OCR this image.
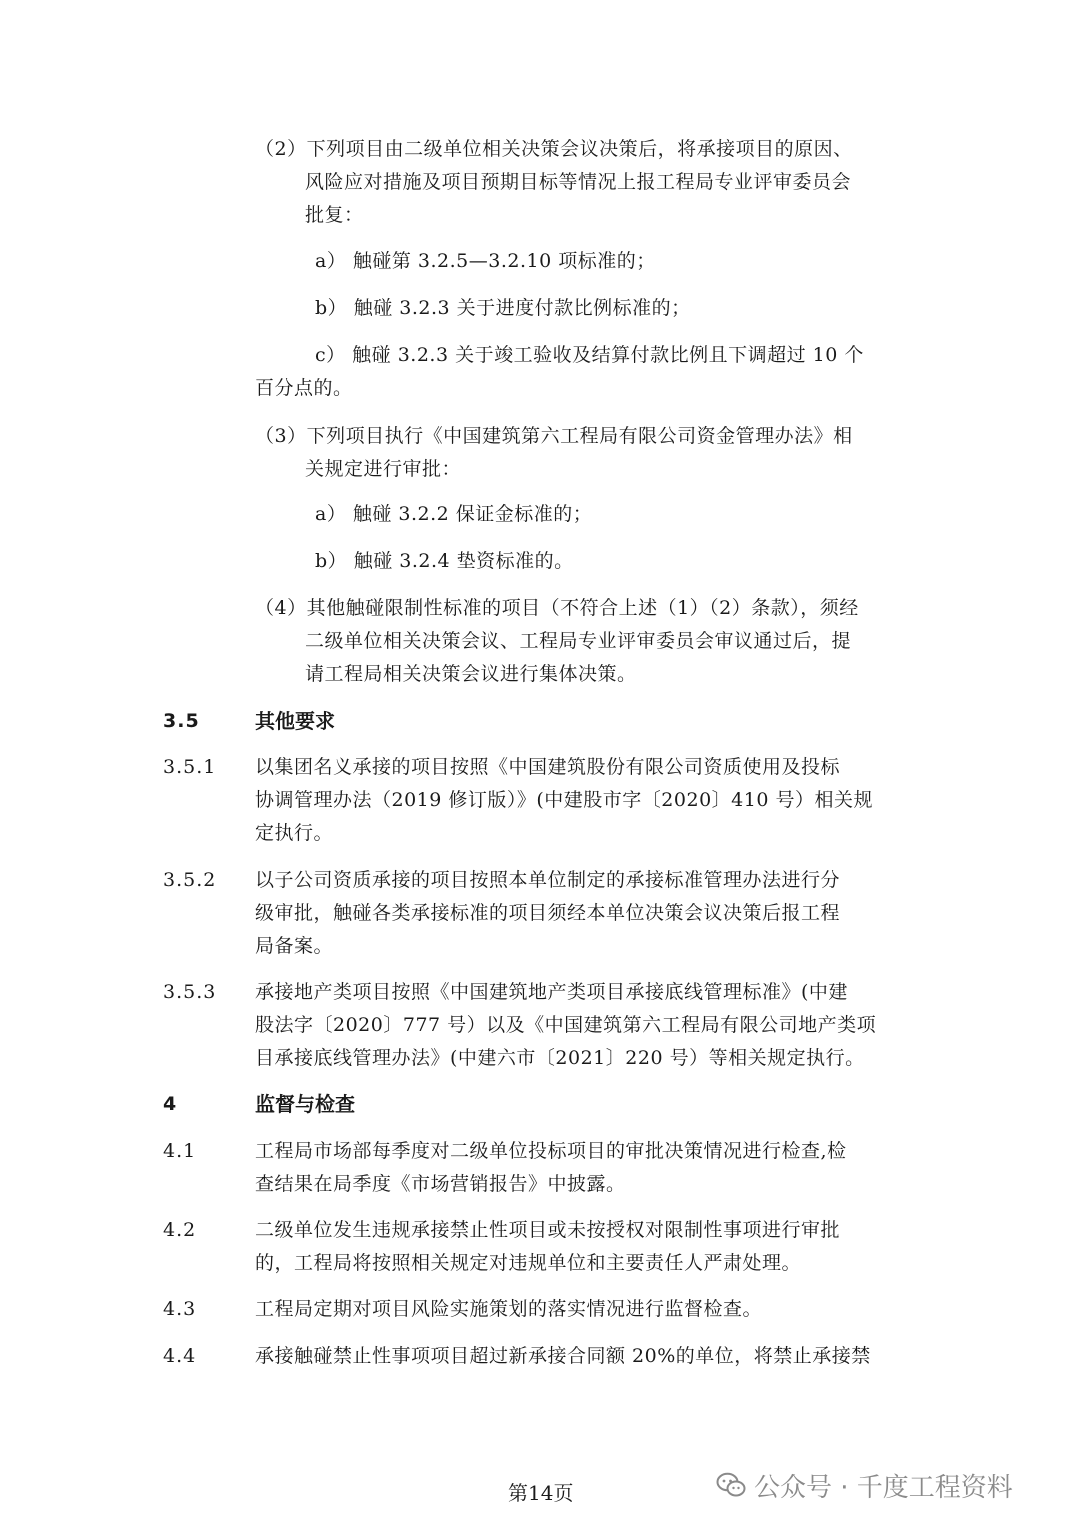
（2）下列项目由二级单位相关决策会议决策后，将承接项目的原因、
风险应对措施及项目预期目标等情况上报工程局专业评审委员会
批复：
a） 触碰第 3.2.5—3.2.10 项标准的；
b） 触碰 3.2.3 关于进度付款比例标准的；
c） 触碰 3.2.3 关于竣工验收及结算付款比例且下调超过 10 个
百分点的。
（3）下列项目执行《中国建筑第六工程局有限公司资金管理办法》相
关规定进行审批：
a） 触碰 3.2.2 保证金标准的；
b） 触碰 3.2.4 垫资标准的。
（4）其他触碰限制性标准的项目（不符合上述（1）（2）条款），须经
二级单位相关决策会议、工程局专业评审委员会审议通过后，提
请工程局相关决策会议进行集体决策。
3.5	其他要求
3.5.1 以集团名义承接的项目按照《中国建筑股份有限公司资质使用及投标
协调管理办法（2019 修订版）》(中建股市字〔2020〕410 号）相关规
定执行。
3.5.2 以子公司资质承接的项目按照本单位制定的承接标准管理办法进行分
级审批，触碰各类承接标准的项目须经本单位决策会议决策后报工程
局备案。
3.5.3 承接地产类项目按照《中国建筑地产类项目承接底线管理标准》(中建
股法字〔2020〕777 号）以及《中国建筑第六工程局有限公司地产类项
目承接底线管理办法》(中建六市〔2021〕220 号）等相关规定执行。
4	监督与检查
4.1	工程局市场部每季度对二级单位投标项目的审批决策情况进行检查,检
查结果在局季度《市场营销报告》中披露。
4.2	二级单位发生违规承接禁止性项目或未按授权对限制性事项进行审批
的，工程局将按照相关规定对违规单位和主要责任人严肃处理。
4.3	工程局定期对项目风险实施策划的落实情况进行监督检查。
4.4	承接触碰禁止性事项项目超过新承接合同额 20%的单位，将禁止承接禁
第14页	公众号 · 千度工程资料
